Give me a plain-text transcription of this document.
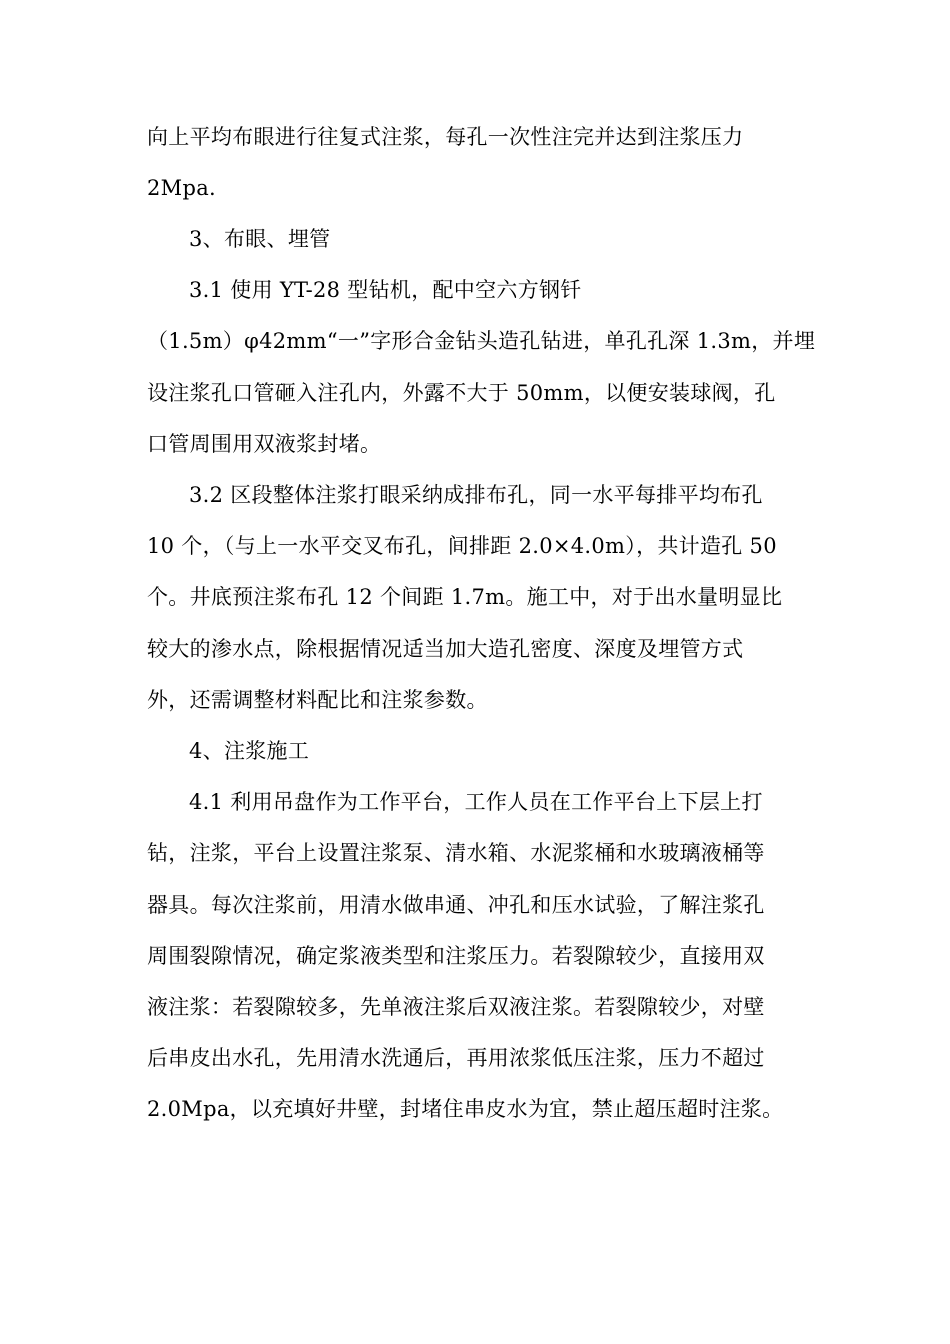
向上平均布眼进行往复式注浆，每孔一次性注完并达到注浆压力
2Mpa.
3、布眼、埋管
3.1 使用 YT-28 型钻机，配中空六方钢钎
（1.5m）φ42mm“一”字形合金钻头造孔钻进，单孔孔深 1.3m，并埋
设注浆孔口管砸入注孔内，外露不大于 50mm，以便安装球阀，孔
口管周围用双液浆封堵。
3.2 区段整体注浆打眼采纳成排布孔，同一水平每排平均布孔
10 个，（与上一水平交叉布孔，间排距 2.0×4.0m），共计造孔 50
个。井底预注浆布孔 12 个间距 1.7m。施工中，对于出水量明显比
较大的渗水点，除根据情况适当加大造孔密度、深度及埋管方式
外，还需调整材料配比和注浆参数。
4、注浆施工
4.1 利用吊盘作为工作平台，工作人员在工作平台上下层上打
钻，注浆，平台上设置注浆泵、清水箱、水泥浆桶和水玻璃液桶等
器具。每次注浆前，用清水做串通、冲孔和压水试验，了解注浆孔
周围裂隙情况，确定浆液类型和注浆压力。若裂隙较少，直接用双
液注浆：若裂隙较多，先单液注浆后双液注浆。若裂隙较少，对壁
后串皮出水孔，先用清水洗通后，再用浓浆低压注浆，压力不超过
2.0Mpa，以充填好井壁，封堵住串皮水为宜，禁止超压超时注浆。
